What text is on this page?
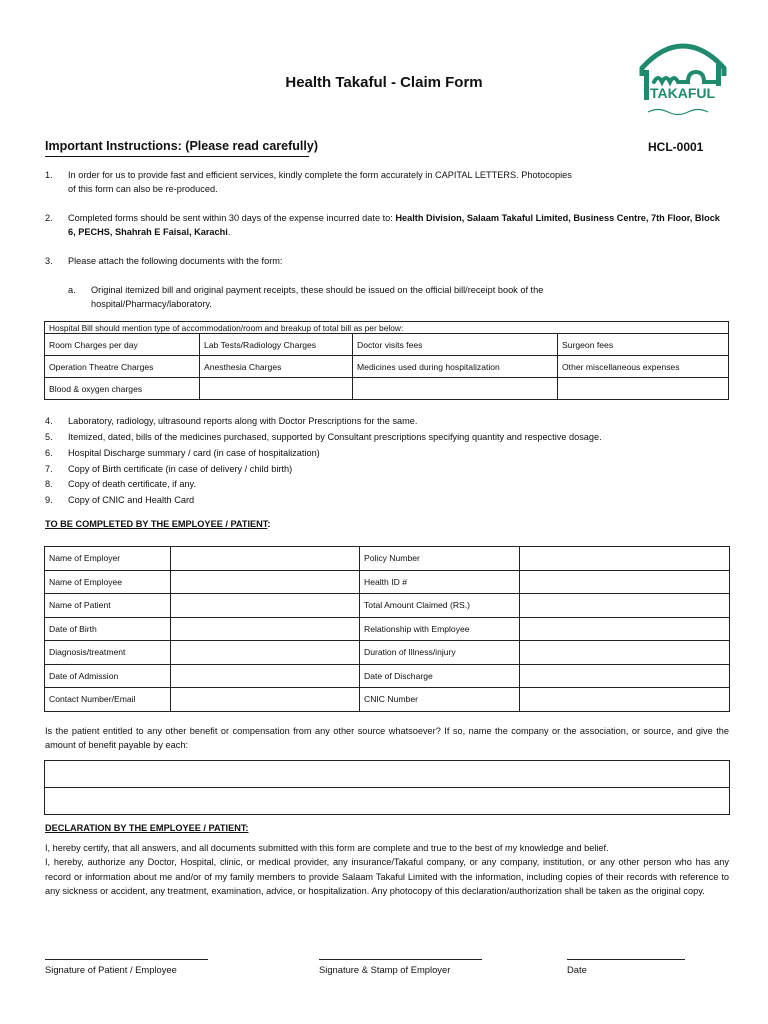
Health Takaful - Claim Form
TAKAFUL
Important Instructions: (Please read carefully)	HCL-0001
1. In order for us to provide fast and efficient services, kindly complete the form accurately in CAPITAL LETTERS. Photocopies of this form can also be re-produced.
2. Completed forms should be sent within 30 days of the expense incurred date to: Health Division, Salaam Takaful Limited, Business Centre, 7th Floor, Block 6, PECHS, Shahrah E Faisal, Karachi.
3. Please attach the following documents with the form:
a. Original itemized bill and original payment receipts, these should be issued on the official bill/receipt book of the hospital/Pharmacy/laboratory.
Hospital Bill should mention type of accommodation/room and breakup of total bill as per below:			
Room Charges per day	Lab Tests/Radiology Charges	Doctor visits fees	Surgeon fees
Operation Theatre Charges	Anesthesia Charges	Medicines used during hospitalization	Other miscellaneous expenses
Blood & oxygen charges			
4. Laboratory, radiology, ultrasound reports along with Doctor Prescriptions for the same.
5. Itemized, dated, bills of the medicines purchased, supported by Consultant prescriptions specifying quantity and respective dosage.
6. Hospital Discharge summary / card (in case of hospitalization)
7. Copy of Birth certificate (in case of delivery / child birth)
8. Copy of death certificate, if any.
9. Copy of CNIC and Health Card
TO BE COMPLETED BY THE EMPLOYEE / PATIENT:
Name of Employer		Policy Number	
Name of Employee		Health ID #	
Name of Patient		Total Amount Claimed (RS.)	
Date of Birth		Relationship with Employee	
Diagnosis/treatment		Duration of Illness/injury	
Date of Admission		Date of Discharge	
Contact Number/Email		CNIC Number	
Is the patient entitled to any other benefit or compensation from any other source whatsoever? If so, name the company or the association, or source, and give the amount of benefit payable by each:

DECLARATION BY THE EMPLOYEE / PATIENT:
I, hereby certify, that all answers, and all documents submitted with this form are complete and true to the best of my knowledge and belief.
I, hereby, authorize any Doctor, Hospital, clinic, or medical provider, any insurance/Takaful company, or any company, institution, or any other person who has any record or information about me and/or of my family members to provide Salaam Takaful Limited with the information, including copies of their records with reference to any sickness or accident, any treatment, examination, advice, or hospitalization. Any photocopy of this declaration/authorization shall be taken as the original copy.
Signature of Patient / Employee	Signature & Stamp of Employer	Date
